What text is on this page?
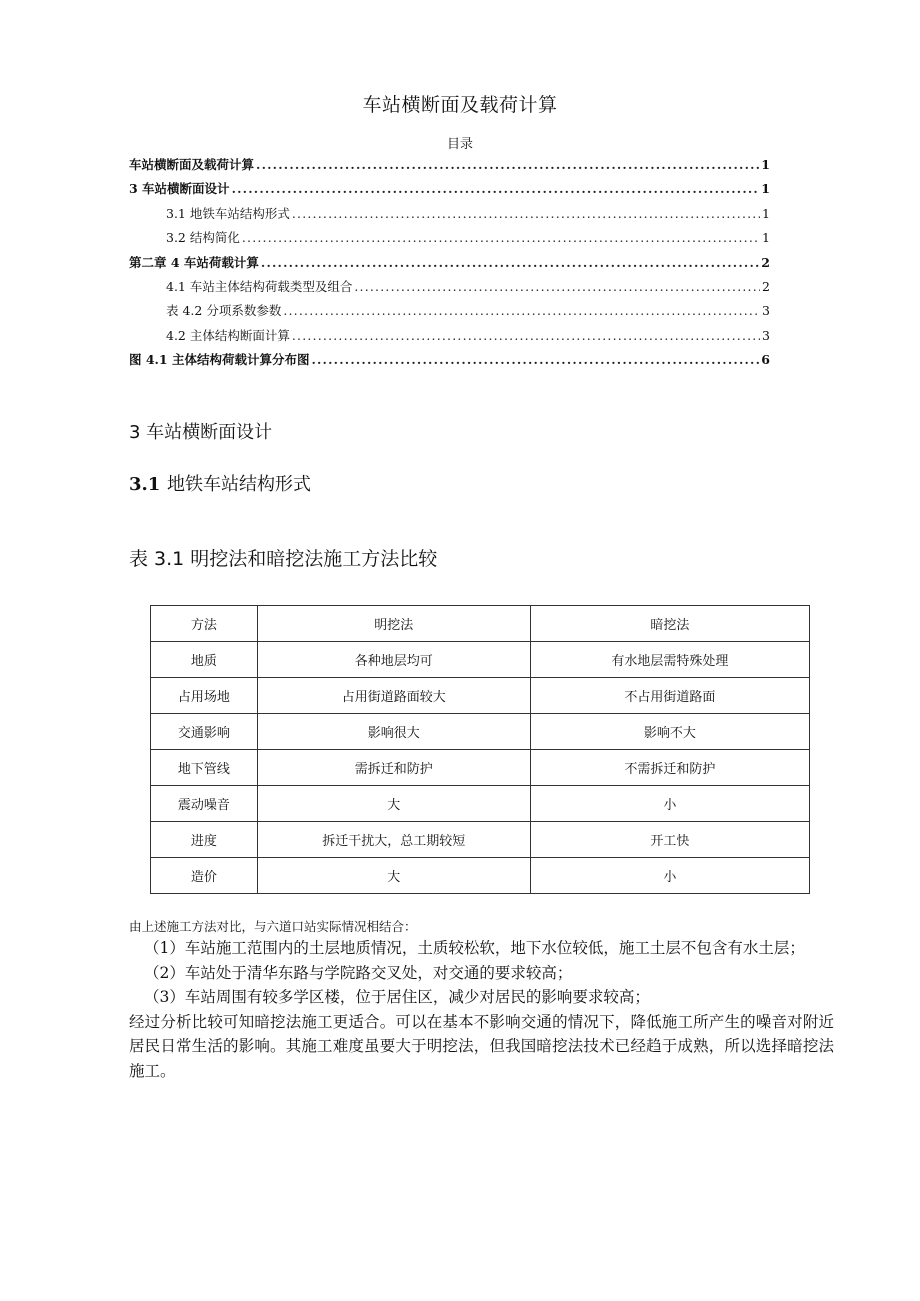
车站横断面及载荷计算
目录
车站横断面及载荷计算 .....	1
3 车站横断面设计 .....	1
3.1 地铁车站结构形式 .....	1
3.2 结构简化 .....	1
第二章 4 车站荷载计算 .....	2
4.1 车站主体结构荷载类型及组合 .....	2
表 4.2 分项系数参数 .....	3
4.2 主体结构断面计算 .....	3
图 4.1 主体结构荷载计算分布图 .....	6
3 车站横断面设计
3.1 地铁车站结构形式
表 3.1 明挖法和暗挖法施工方法比较
方法	明挖法	暗挖法
地质	各种地层均可	有水地层需特殊处理
占用场地	占用街道路面较大	不占用街道路面
交通影响	影响很大	影响不大
地下管线	需拆迁和防护	不需拆迁和防护
震动噪音	大	小
进度	拆迁干扰大，总工期较短	开工快
造价	大	小
由上述施工方法对比，与六道口站实际情况相结合：

（1）车站施工范围内的土层地质情况，土质较松软，地下水位较低，施工土层不包含有水土层；

（2）车站处于清华东路与学院路交叉处，对交通的要求较高；

（3）车站周围有较多学区楼，位于居住区，减少对居民的影响要求较高；

经过分析比较可知暗挖法施工更适合。可以在基本不影响交通的情况下，降低施工所产生的噪音对附近居民日常生活的影响。其施工难度虽要大于明挖法，但我国暗挖法技术已经趋于成熟，所以选择暗挖法施工。
